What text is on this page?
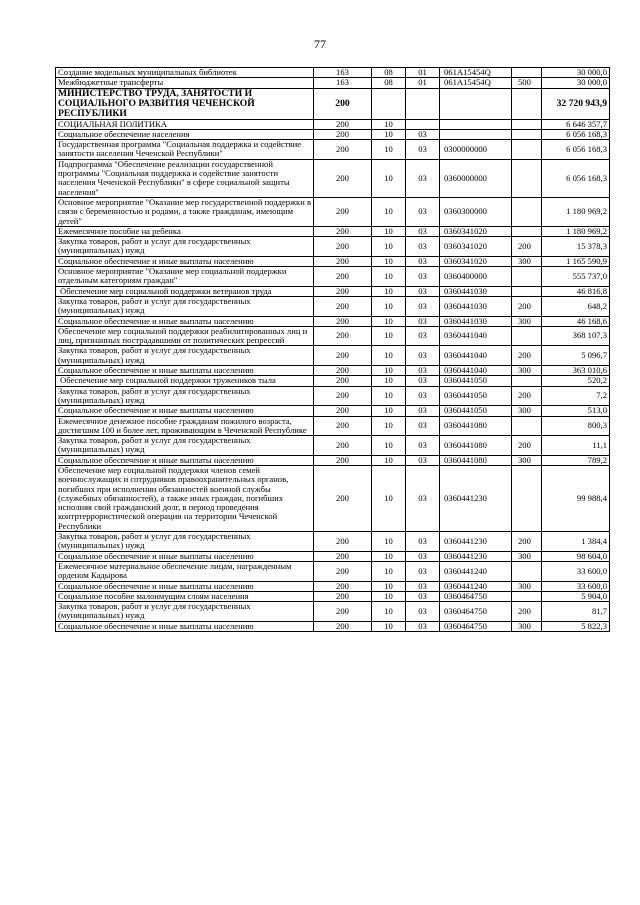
77
Создание модельных муниципальных библиотек	163	08	01	061A15454Q		30 000,0
Межбюджетные трансферты	163	08	01	061A15454Q	500	30 000,0
МИНИСТЕРСТВО ТРУДА, ЗАНЯТОСТИ И СОЦИАЛЬНОГО РАЗВИТИЯ ЧЕЧЕНСКОЙ РЕСПУБЛИКИ	200					32 720 943,9
СОЦИАЛЬНАЯ ПОЛИТИКА	200	10				6 646 357,7
Социальное обеспечение населения	200	10	03			6 056 168,3
Государственная программа "Социальная поддержка и содействие занятости населения Чеченской Республики"	200	10	03	0300000000		6 056 168,3
Подпрограмма "Обеспечение реализации государственной программы "Социальная поддержка и содействие занятости населения Чеченской Республики" в сфере социальной защиты населения"	200	10	03	0360000000		6 056 168,3
Основное мероприятие "Оказание мер государственной поддержки в связи с беременностью и родами, а также гражданам, имеющим детей"	200	10	03	0360300000		1 180 969,2
Ежемесячное пособие на ребенка	200	10	03	0360341020		1 180 969,2
Закупка товаров, работ и услуг для государственных (муниципальных) нужд	200	10	03	0360341020	200	15 378,3
Социальное обеспечение и иные выплаты населению	200	10	03	0360341020	300	1 165 590,9
Основное мероприятие "Оказание мер социальной поддержки отдельным категориям граждан"	200	10	03	0360400000		555 737,0
Обеспечение мер социальной поддержки ветеранов труда	200	10	03	0360441030		46 816,8
Закупка товаров, работ и услуг для государственных (муниципальных) нужд	200	10	03	0360441030	200	648,2
Социальное обеспечение и иные выплаты населению	200	10	03	0360441030	300	46 168,6
Обеспечение мер социальной поддержки реабилитированных лиц и лиц, признанных пострадавшими от политических репрессий	200	10	03	0360441040		368 107,3
Закупка товаров, работ и услуг для государственных (муниципальных) нужд	200	10	03	0360441040	200	5 096,7
Социальное обеспечение и иные выплаты населению	200	10	03	0360441040	300	363 010,6
Обеспечение мер социальной поддержки тружеников тыла	200	10	03	0360441050		520,2
Закупка товаров, работ и услуг для государственных (муниципальных) нужд	200	10	03	0360441050	200	7,2
Социальное обеспечение и иные выплаты населению	200	10	03	0360441050	300	513,0
Ежемесячное денежное пособие гражданам пожилого возраста, достигшим 100 и более лет, проживающим в Чеченской Республике	200	10	03	0360441080		800,3
Закупка товаров, работ и услуг для государственных (муниципальных) нужд	200	10	03	0360441080	200	11,1
Социальное обеспечение и иные выплаты населению	200	10	03	0360441080	300	789,2
Обеспечение мер социальной поддержки членов семей военнослужащих и сотрудников правоохранительных органов, погибших при исполнении обязанностей военной службы (служебных обязанностей), а также иных граждан, погибших исполняя свой гражданский долг, в период проведения контртеррористической операции на территории Чеченской Республики	200	10	03	0360441230		99 988,4
Закупка товаров, работ и услуг для государственных (муниципальных) нужд	200	10	03	0360441230	200	1 384,4
Социальное обеспечение и иные выплаты населению	200	10	03	0360441230	300	98 604,0
Ежемесячное материальное обеспечение лицам, награжденным орденом Кадырова	200	10	03	0360441240		33 600,0
Социальное обеспечение и иные выплаты населению	200	10	03	0360441240	300	33 600,0
Социальное пособие малоимущим слоям населения	200	10	03	0360464750		5 904,0
Закупка товаров, работ и услуг для государственных (муниципальных) нужд	200	10	03	0360464750	200	81,7
Социальное обеспечение и иные выплаты населению	200	10	03	0360464750	300	5 822,3
